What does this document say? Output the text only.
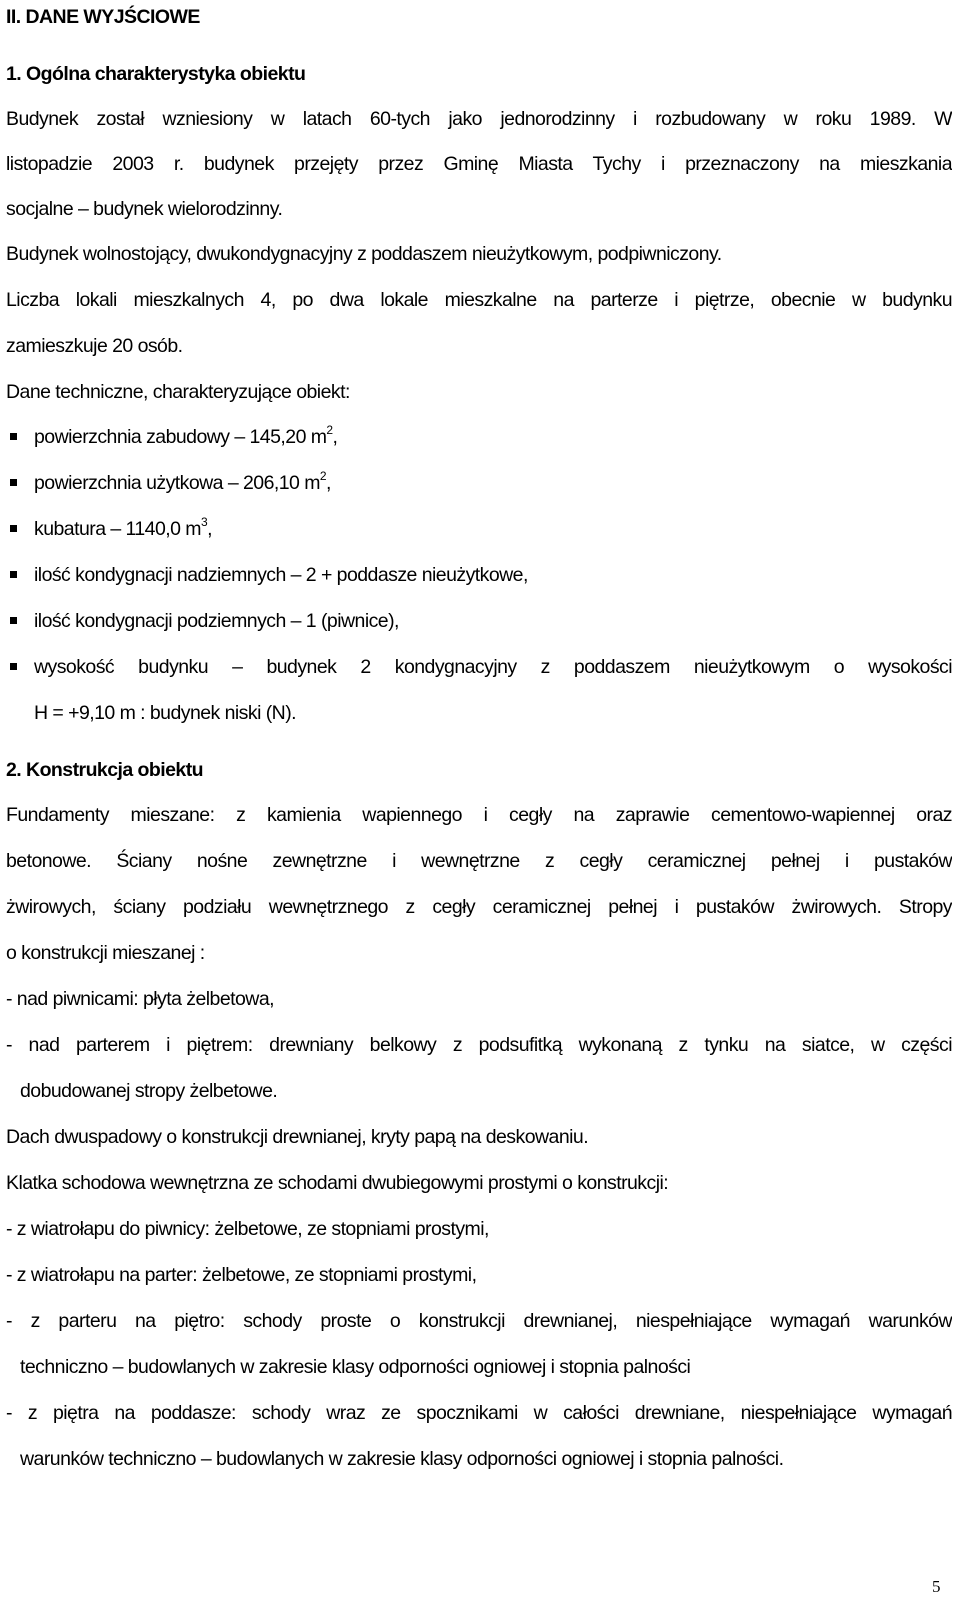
II. DANE WYJŚCIOWE
1. Ogólna charakterystyka obiektu
Budynek został wzniesiony w latach 60-tych jako jednorodzinny i rozbudowany w roku 1989. W
listopadzie 2003 r. budynek przejęty przez Gminę Miasta Tychy i przeznaczony na mieszkania
socjalne – budynek wielorodzinny.
Budynek wolnostojący, dwukondygnacyjny z poddaszem nieużytkowym, podpiwniczony.
Liczba lokali mieszkalnych 4, po dwa lokale mieszkalne na parterze i piętrze, obecnie w budynku
zamieszkuje 20 osób.
Dane techniczne, charakteryzujące obiekt:
powierzchnia zabudowy – 145,20 $m^2$,
powierzchnia użytkowa – 206,10 $m^2$,
kubatura – 1140,0 $m^3$,
ilość kondygnacji nadziemnych – 2 + poddasze nieużytkowe,
ilość kondygnacji podziemnych – 1 (piwnice),
wysokość budynku – budynek 2 kondygnacyjny z poddaszem nieużytkowym o wysokości
H = +9,10 m : budynek niski (N).
2. Konstrukcja obiektu
Fundamenty mieszane: z kamienia wapiennego i cegły na zaprawie cementowo-wapiennej oraz
betonowe. Ściany nośne zewnętrzne i wewnętrzne z cegły ceramicznej pełnej i pustaków
żwirowych, ściany podziału wewnętrznego z cegły ceramicznej pełnej i pustaków żwirowych. Stropy
o konstrukcji mieszanej :
- nad piwnicami: płyta żelbetowa,
- nad parterem i piętrem: drewniany belkowy z podsufitką wykonaną z tynku na siatce, w części
dobudowanej stropy żelbetowe.
Dach dwuspadowy o konstrukcji drewnianej, kryty papą na deskowaniu.
Klatka schodowa wewnętrzna ze schodami dwubiegowymi prostymi o konstrukcji:
- z wiatrołapu do piwnicy: żelbetowe, ze stopniami prostymi,
- z wiatrołapu na parter: żelbetowe, ze stopniami prostymi,
- z parteru na piętro: schody proste o konstrukcji drewnianej, niespełniające wymagań warunków
techniczno – budowlanych w zakresie klasy odporności ogniowej i stopnia palności
- z piętra na poddasze: schody wraz ze spocznikami w całości drewniane, niespełniające wymagań
warunków techniczno – budowlanych w zakresie klasy odporności ogniowej i stopnia palności.
5
